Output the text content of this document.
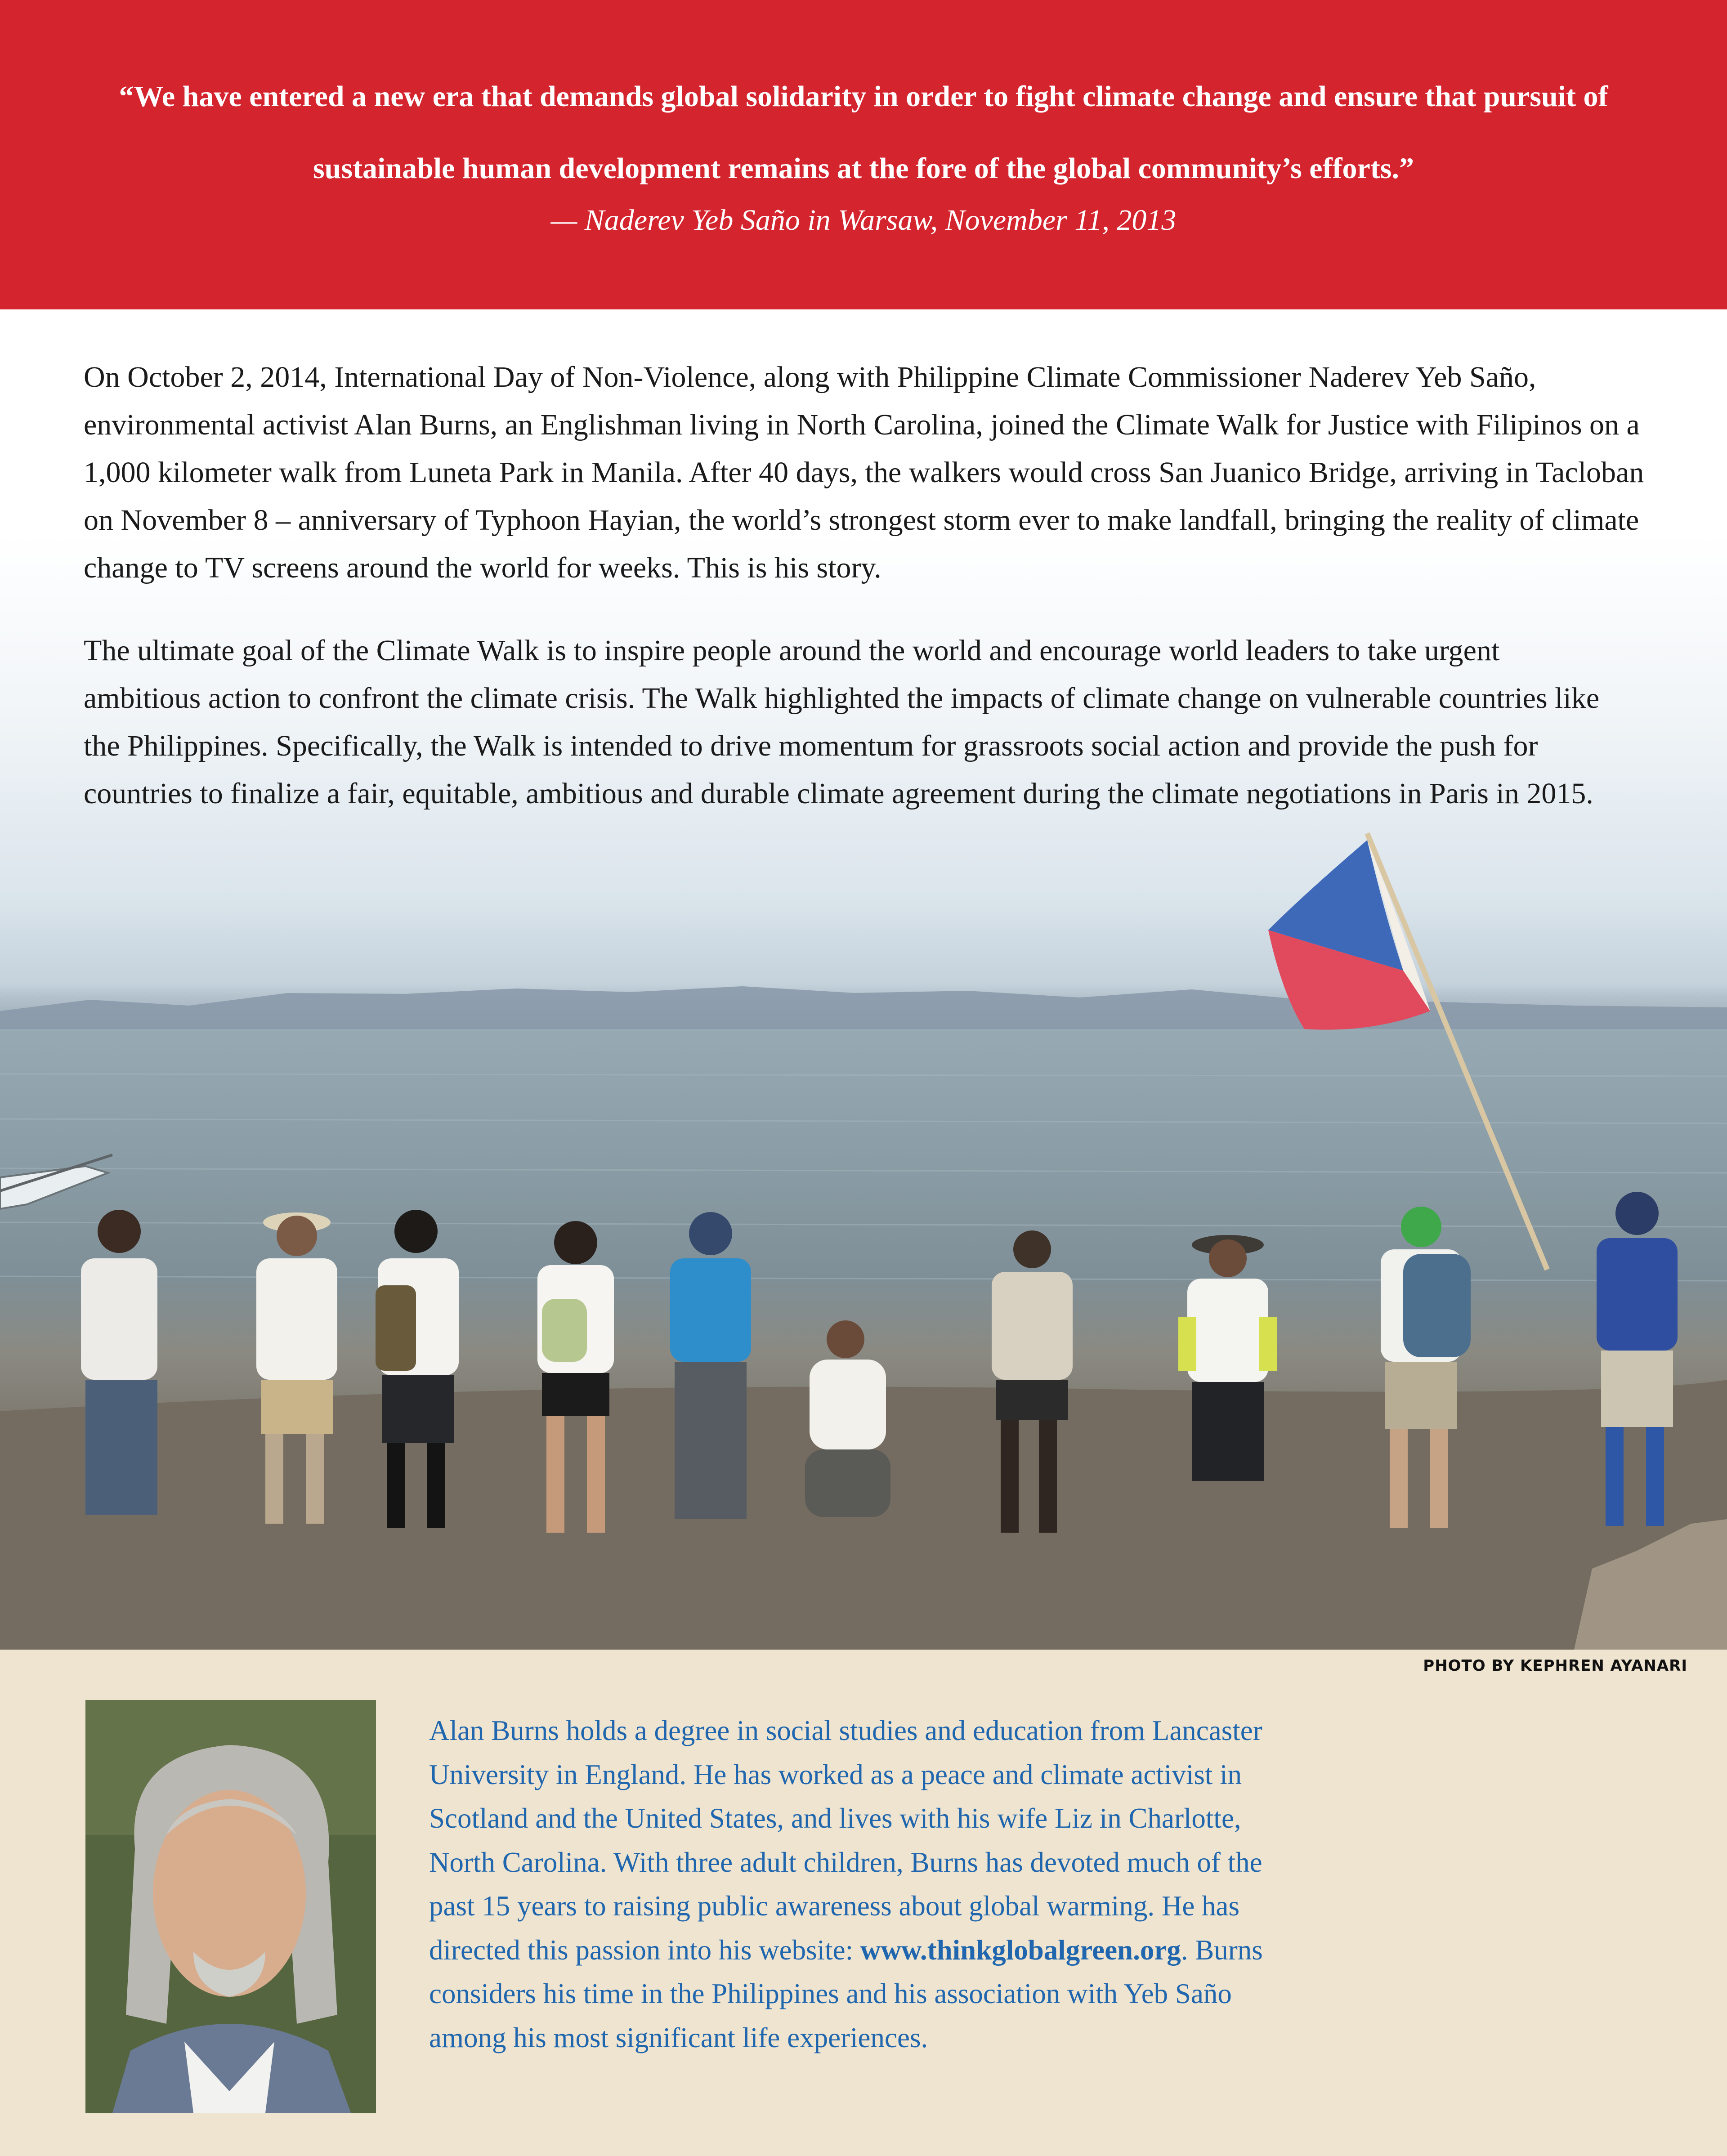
“We have entered a new era that demands global solidarity in order to fight climate change and ensure that pursuit of sustainable human development remains at the fore of the global community’s efforts.”
— Naderev Yeb Saño in Warsaw, November 11, 2013

On October 2, 2014, International Day of Non-Violence, along with Philippine Climate Commissioner Naderev Yeb Saño, environmental activist Alan Burns, an Englishman living in North Carolina, joined the Climate Walk for Justice with Filipinos on a 1,000 kilometer walk from Luneta Park in Manila. After 40 days, the walkers would cross San Juanico Bridge, arriving in Tacloban on November 8 – anniversary of Typhoon Hayian, the world’s strongest storm ever to make landfall, bringing the reality of climate change to TV screens around the world for weeks. This is his story.

The ultimate goal of the Climate Walk is to inspire people around the world and encourage world leaders to take urgent ambitious action to confront the climate crisis. The Walk highlighted the impacts of climate change on vulnerable countries like the Philippines. Specifically, the Walk is intended to drive momentum for grassroots social action and provide the push for countries to finalize a fair, equitable, ambitious and durable climate agreement during the climate negotiations in Paris in 2015.

PHOTO BY KEPHREN AYANARI
Alan Burns holds a degree in social studies and education from Lancaster University in England. He has worked as a peace and climate activist in Scotland and the United States, and lives with his wife Liz in Charlotte, North Carolina. With three adult children, Burns has devoted much of the past 15 years to raising public awareness about global warming. He has directed this passion into his website: www.thinkglobalgreen.org. Burns considers his time in the Philippines and his association with Yeb Saño among his most significant life experiences.
